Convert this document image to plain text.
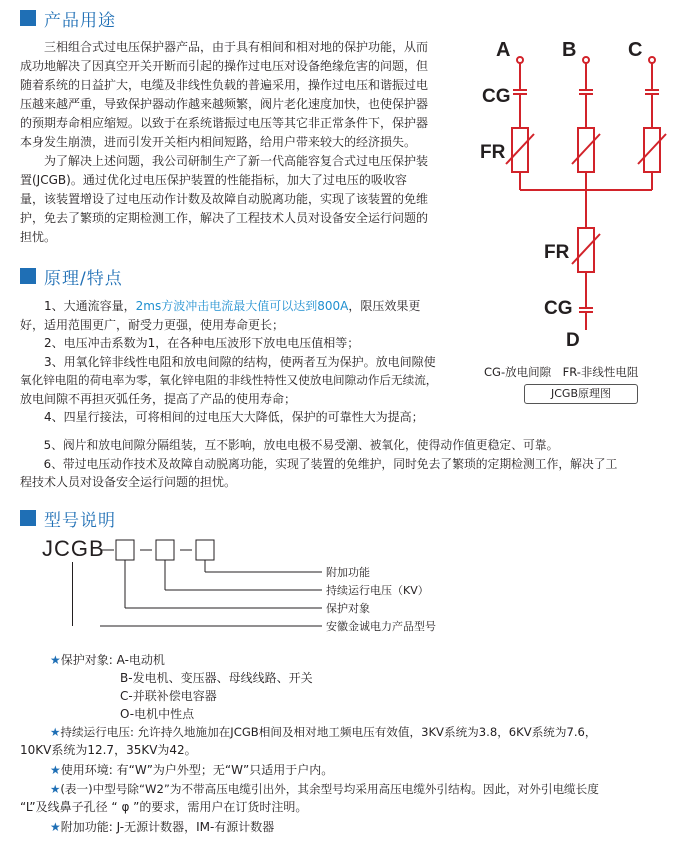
产品用途
　　三相组合式过电压保护器产品，由于具有相间和相对地的保护功能，从而
成功地解决了因真空开关开断而引起的操作过电压对设备绝缘危害的问题，但
随着系统的日益扩大，电缆及非线性负载的普遍采用，操作过电压和谐振过电
压越来越严重，导致保护器动作越来越频繁，阀片老化速度加快，也使保护器
的预期寿命相应缩短。以致于在系统谐振过电压等其它非正常条件下，保护器
本身发生崩溃，进而引发开关柜内相间短路，给用户带来较大的经济损失。
　　为了解决上述问题，我公司研制生产了新一代高能容复合式过电压保护装
置(JCGB)。通过优化过电压保护装置的性能指标，加大了过电压的吸收容
量，该装置增设了过电压动作计数及故障自动脱离功能，实现了该装置的免维
护，免去了繁琐的定期检测工作，解决了工程技术人员对设备安全运行问题的
担忧。
原理/特点
　　1、大通流容量，2ms方波冲击电流最大值可以达到800A，限压效果更
好，适用范围更广，耐受力更强，使用寿命更长；
　　2、电压冲击系数为1，在各种电压波形下放电电压值相等；
　　3、用氧化锌非线性电阻和放电间隙的结构，使两者互为保护。放电间隙使
氧化锌电阻的荷电率为零，氧化锌电阻的非线性特性又使放电间隙动作后无续流，
放电间隙不再担灭弧任务，提高了产品的使用寿命；
　　4、四星行接法，可将相间的过电压大大降低，保护的可靠性大为提高；
　　5、阀片和放电间隙分隔组装，互不影响，放电电极不易受潮、被氧化，使得动作值更稳定、可靠。
　　6、带过电压动作技术及故障自动脱离功能，实现了装置的免维护，同时免去了繁琐的定期检测工作，解决了工
程技术人员对设备安全运行问题的担忧。
A	B	C
CG
FR
FR
CG
D
CG-放电间隙　FR-非线性电阻
JCGB原理图
型号说明
JCGB
附加功能
持续运行电压（KV）
保护对象
安徽金诚电力产品型号
★保护对象: A-电动机
B-发电机、变压器、母线线路、开关
C-并联补偿电容器
O-电机中性点
★持续运行电压: 允许持久地施加在JCGB相间及相对地工频电压有效值，3KV系统为3.8，6KV系统为7.6，
10KV系统为12.7，35KV为42。
★使用环境: 有“W”为户外型；无“W”只适用于户内。
★(表一)中型号除“W2”为不带高压电缆引出外，其余型号均采用高压电缆外引结构。因此，对外引电缆长度
“L”及线鼻子孔径 “ φ ”的要求，需用户在订货时注明。
★附加功能: J-无源计数器，IM-有源计数器
